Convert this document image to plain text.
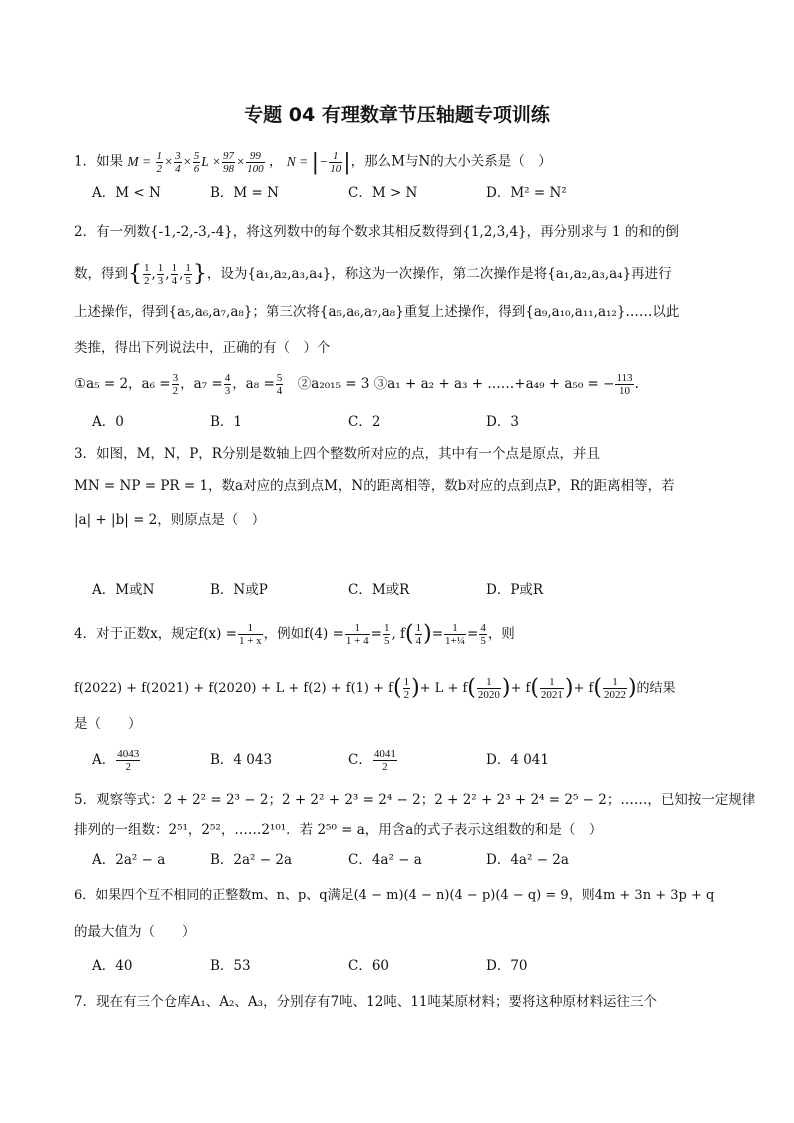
专题 04 有理数章节压轴题专项训练
1．如果 $M = \frac{1}{2} \times \frac{3}{4} \times \frac{5}{6}$ $L \times \frac{97}{98} \times \frac{99}{100}$ ， N = |− $\frac{1}{10}$ |，那么M与N的大小关系是（　）
A．M < N	B．M = N	C．M > N	D．M² = N²
2．有一列数{-1,-2,-3,-4}，将这列数中的每个数求其相反数得到{1,2,3,4}，再分别求与 1 的和的倒
数，得到{ $\frac{1}{2}$ , $\frac{1}{3}$ , $\frac{1}{4}$ , $\frac{1}{5}$ }，设为{a₁,a₂,a₃,a₄}，称这为一次操作，第二次操作是将{a₁,a₂,a₃,a₄}再进行
上述操作，得到{a₅,a₆,a₇,a₈}；第三次将{a₅,a₆,a₇,a₈}重复上述操作，得到{a₉,a₁₀,a₁₁,a₁₂}……以此
类推，得出下列说法中，正确的有（　）个
①a₅ = 2，$a_6 = \frac{3}{2}$ ，$a_7 = \frac{4}{3}$ ，$a_8 = \frac{5}{4}$ 　②a₂₀₁₅ = 3 ③a₁ + a₂ + a₃ + ……+a₄₉ + a₅₀ = − $\frac{113}{10}$ .
A．0	B．1	C．2	D．3
3．如图，M，N，P，R分别是数轴上四个整数所对应的点，其中有一个点是原点，并且
MN = NP = PR = 1，数a对应的点到点M，N的距离相等，数b对应的点到点P，R的距离相等，若
|a| + |b| = 2，则原点是（　）
A．M或N	B．N或P	C．M或R	D．P或R
4．对于正数x，规定$f(x) = \frac{1}{1 + x}$ ，例如$f(4) = \frac{1}{1 + 4} = \frac{1}{5}$ , $f( \frac{1}{4}$ )= $\frac{1}{\text{1+¼}} = \frac{4}{5}$ ，则
$f(2022) + f(2021) + f(2020) + L + f(2) + f(1) + f( \frac{1}{2}$ )+ $L + f( \frac{1}{2020}$ )+ $f( \frac{1}{2021}$ )+ $f( \frac{1}{2022}$ )的结果
是（　　）
A． $\frac{4043}{2}$	B．4 043	C． $\frac{4041}{2}$	D．4 041
5．观察等式：2 + 2² = 2³ − 2；2 + 2² + 2³ = 2⁴ − 2；2 + 2² + 2³ + 2⁴ = 2⁵ − 2；……，已知按一定规律
排列的一组数：2⁵¹，2⁵²，……2¹⁰¹．若 2⁵⁰ = a，用含a的式子表示这组数的和是（　）
A．2a² − a	B．2a² − 2a	C．4a² − a	D．4a² − 2a
6．如果四个互不相同的正整数m、n、p、q满足(4 − m)(4 − n)(4 − p)(4 − q) = 9，则4m + 3n + 3p + q
的最大值为（　　）
A．40	B．53	C．60	D．70
7．现在有三个仓库A₁、A₂、A₃，分别存有7吨、12吨、11吨某原材料；要将这种原材料运往三个
